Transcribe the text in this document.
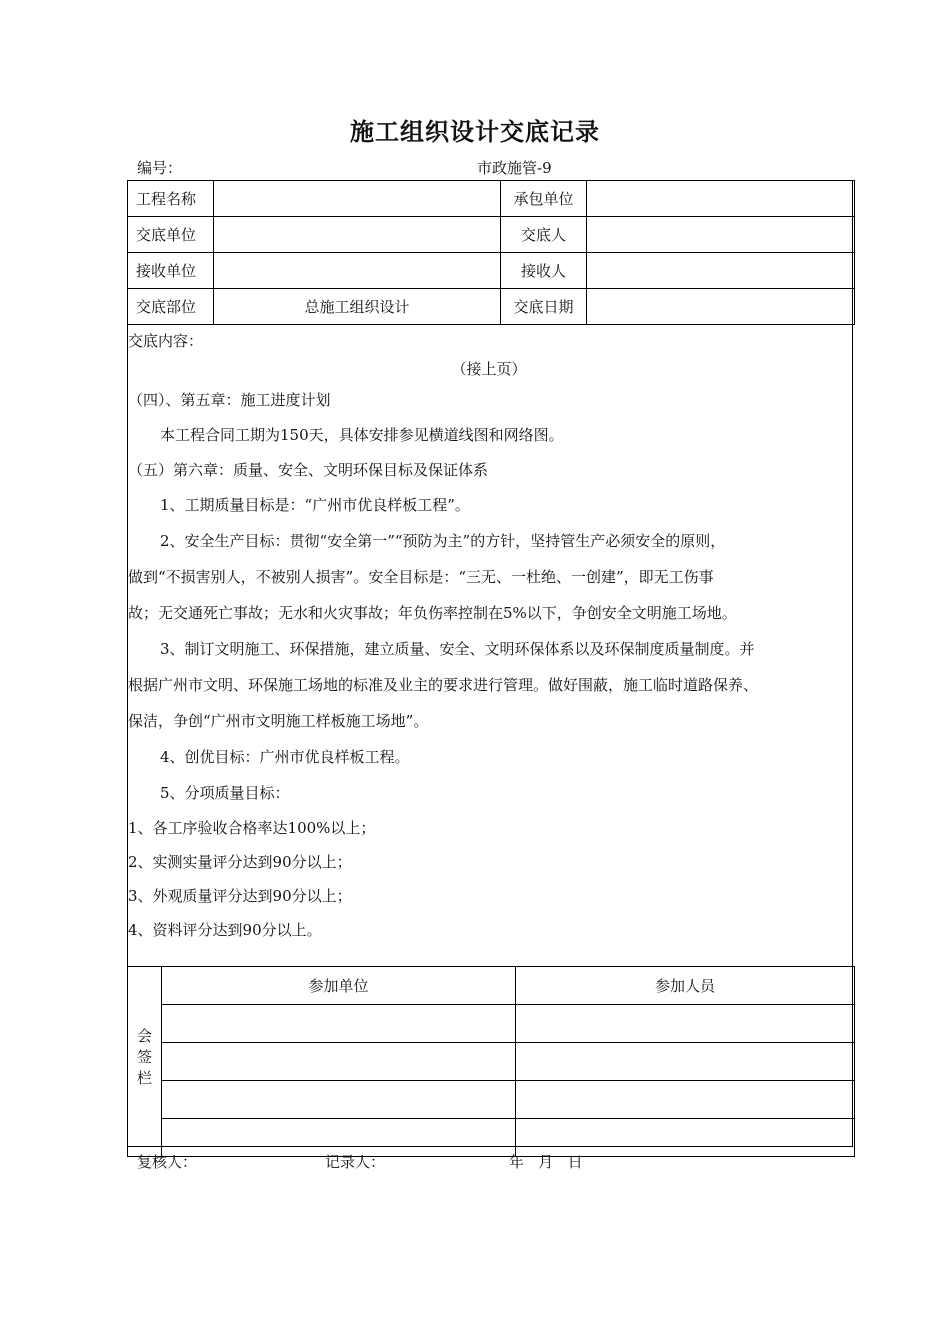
施工组织设计交底记录
编号：	市政施管-9
工程名称		承包单位	
交底单位		交底人	
接收单位		接收人	
交底部位	总施工组织设计	交底日期	

交底内容：

（接上页）

（四）、第五章：施工进度计划

本工程合同工期为150天，具体安排参见横道线图和网络图。

（五）第六章：质量、安全、文明环保目标及保证体系

1、工期质量目标是：“广州市优良样板工程”。

2、安全生产目标：贯彻“安全第一”“预防为主”的方针，坚持管生产必须安全的原则，

做到“不损害别人，不被别人损害”。安全目标是：“三无、一杜绝、一创建”，即无工伤事

故；无交通死亡事故；无水和火灾事故；年负伤率控制在5%以下，争创安全文明施工场地。

3、制订文明施工、环保措施，建立质量、安全、文明环保体系以及环保制度质量制度。并

根据广州市文明、环保施工场地的标准及业主的要求进行管理。做好围蔽，施工临时道路保养、

保洁，争创“广州市文明施工样板施工场地”。

4、创优目标：广州市优良样板工程。

5、分项质量目标：

1、各工序验收合格率达100%以上；

2、实测实量评分达到90分以上；

3、外观质量评分达到90分以上；

4、资料评分达到90分以上。

会签栏	参加单位	参加人员

复核人：	记录人：	年   月   日
